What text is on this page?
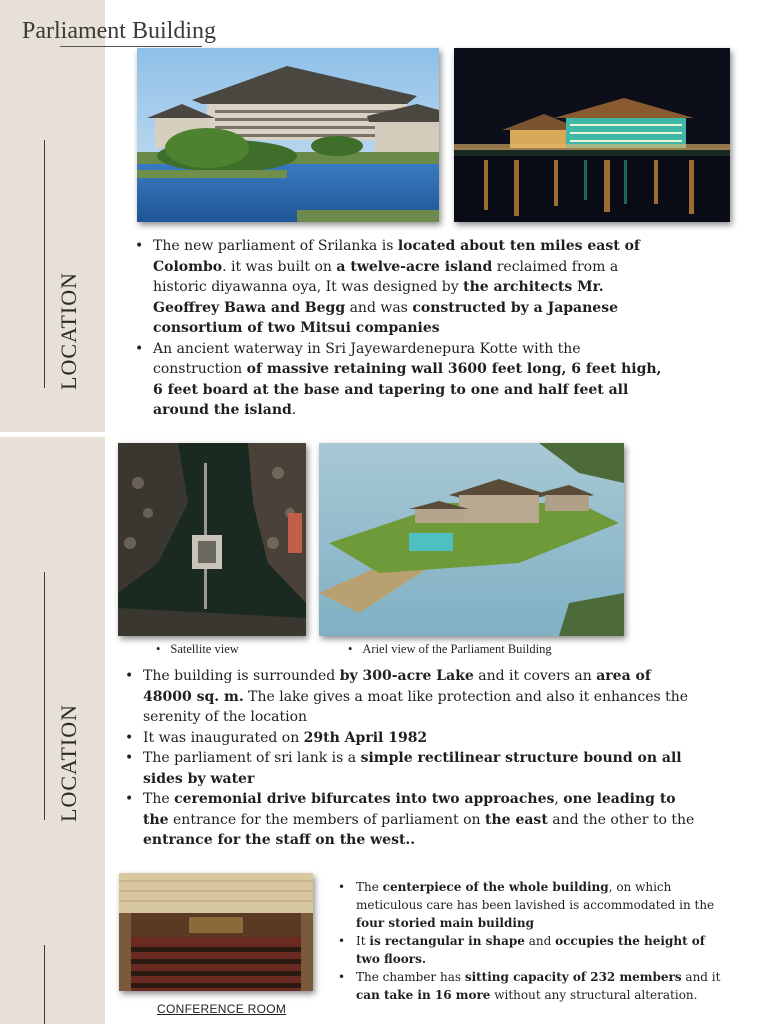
LOCATION
LOCATION
Parliament Building
• The new parliament of Srilanka is located about ten miles east of Colombo. it was built on a twelve-acre island reclaimed from a historic diyawanna oya, It was designed by the architects Mr. Geoffrey Bawa and Begg and was constructed by a Japanese consortium of two Mitsui companies
• An ancient waterway in Sri Jayewardenepura Kotte with the construction of massive retaining wall 3600 feet long, 6 feet high, 6 feet board at the base and tapering to one and half feet all around the island.
• Satellite view
•	Ariel view of the Parliament Building
• The building is surrounded by 300-acre Lake and it covers an area of 48000 sq. m. The lake gives a moat like protection and also it enhances the serenity of the location
• It was inaugurated on 29th April 1982
• The parliament of sri lank is a simple rectilinear structure bound on all sides by water
• The ceremonial drive bifurcates into two approaches, one leading to the entrance for the members of parliament on the east and the other to the entrance for the staff on the west..
CONFERENCE ROOM
• The centerpiece of the whole building, on which meticulous care has been lavished is accommodated in the four storied main building
• It is rectangular in shape and occupies the height of two floors.
• The chamber has sitting capacity of 232 members and it can take in 16 more without any structural alteration.
